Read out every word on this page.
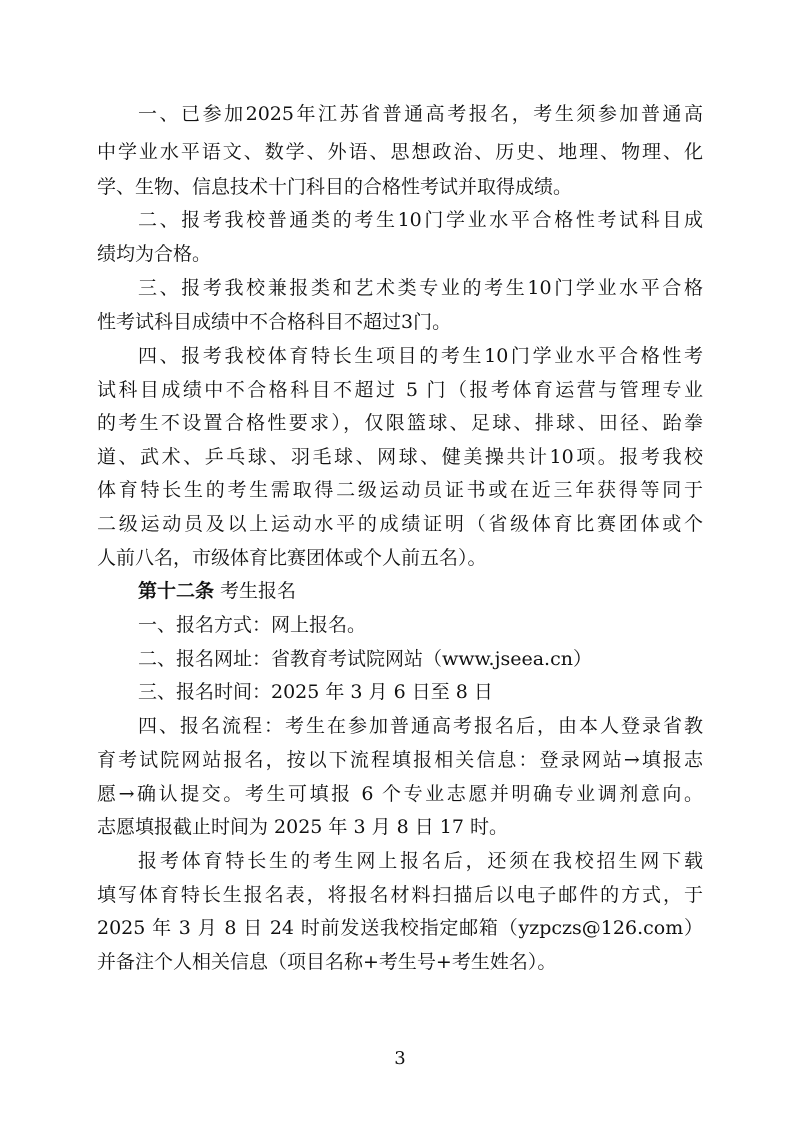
一、已参加2025年江苏省普通高考报名，考生须参加普通高
中学业水平语文、数学、外语、思想政治、历史、地理、物理、化
学、生物、信息技术十门科目的合格性考试并取得成绩。
二、报考我校普通类的考生10门学业水平合格性考试科目成
绩均为合格。
三、报考我校兼报类和艺术类专业的考生10门学业水平合格
性考试科目成绩中不合格科目不超过3门。
四、报考我校体育特长生项目的考生10门学业水平合格性考
试科目成绩中不合格科目不超过 5 门（报考体育运营与管理专业
的考生不设置合格性要求），仅限篮球、足球、排球、田径、跆拳
道、武术、乒乓球、羽毛球、网球、健美操共计10项。报考我校
体育特长生的考生需取得二级运动员证书或在近三年获得等同于
二级运动员及以上运动水平的成绩证明（省级体育比赛团体或个
人前八名，市级体育比赛团体或个人前五名）。
第十二条 考生报名
一、报名方式：网上报名。
二、报名网址：省教育考试院网站（www.jseea.cn）
三、报名时间：2025 年 3 月 6 日至 8 日
四、报名流程：考生在参加普通高考报名后，由本人登录省教
育考试院网站报名，按以下流程填报相关信息：登录网站→填报志
愿→确认提交。考生可填报 6 个专业志愿并明确专业调剂意向。
志愿填报截止时间为 2025 年 3 月 8 日 17 时。
报考体育特长生的考生网上报名后，还须在我校招生网下载
填写体育特长生报名表，将报名材料扫描后以电子邮件的方式，于
2025 年 3 月 8 日 24 时前发送我校指定邮箱（yzpczs@126.com）
并备注个人相关信息（项目名称+考生号+考生姓名）。
3
